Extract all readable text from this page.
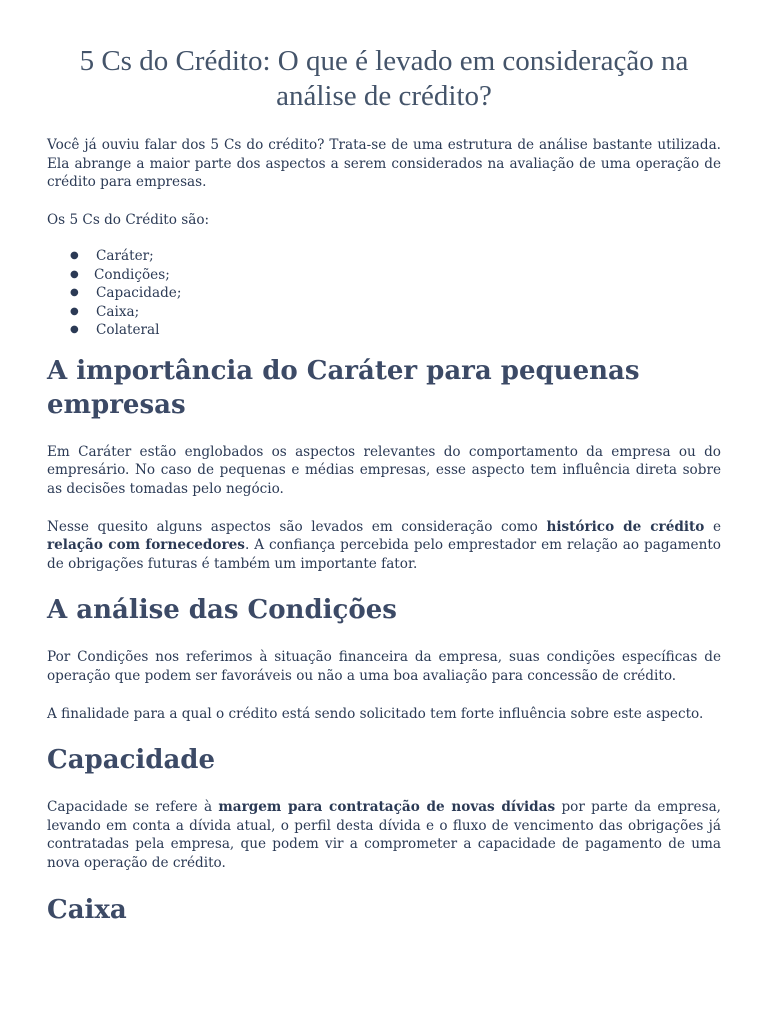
5 Cs do Crédito: O que é levado em consideração na análise de crédito?

Você já ouviu falar dos 5 Cs do crédito? Trata-se de uma estrutura de análise bastante utilizada. Ela abrange a maior parte dos aspectos a serem considerados na avaliação de uma operação de crédito para empresas.

Os 5 Cs do Crédito são:

● Caráter;
● Condições;
● Capacidade;
● Caixa;
● Colateral
A importância do Caráter para pequenas empresas

Em Caráter estão englobados os aspectos relevantes do comportamento da empresa ou do empresário. No caso de pequenas e médias empresas, esse aspecto tem influência direta sobre as decisões tomadas pelo negócio.

Nesse quesito alguns aspectos são levados em consideração como histórico de crédito e relação com fornecedores. A confiança percebida pelo emprestador em relação ao pagamento de obrigações futuras é também um importante fator.

A análise das Condições

Por Condições nos referimos à situação financeira da empresa, suas condições específicas de operação que podem ser favoráveis ou não a uma boa avaliação para concessão de crédito.

A finalidade para a qual o crédito está sendo solicitado tem forte influência sobre este aspecto.

Capacidade

Capacidade se refere à margem para contratação de novas dívidas por parte da empresa, levando em conta a dívida atual, o perfil desta dívida e o fluxo de vencimento das obrigações já contratadas pela empresa, que podem vir a comprometer a capacidade de pagamento de uma nova operação de crédito.

Caixa
